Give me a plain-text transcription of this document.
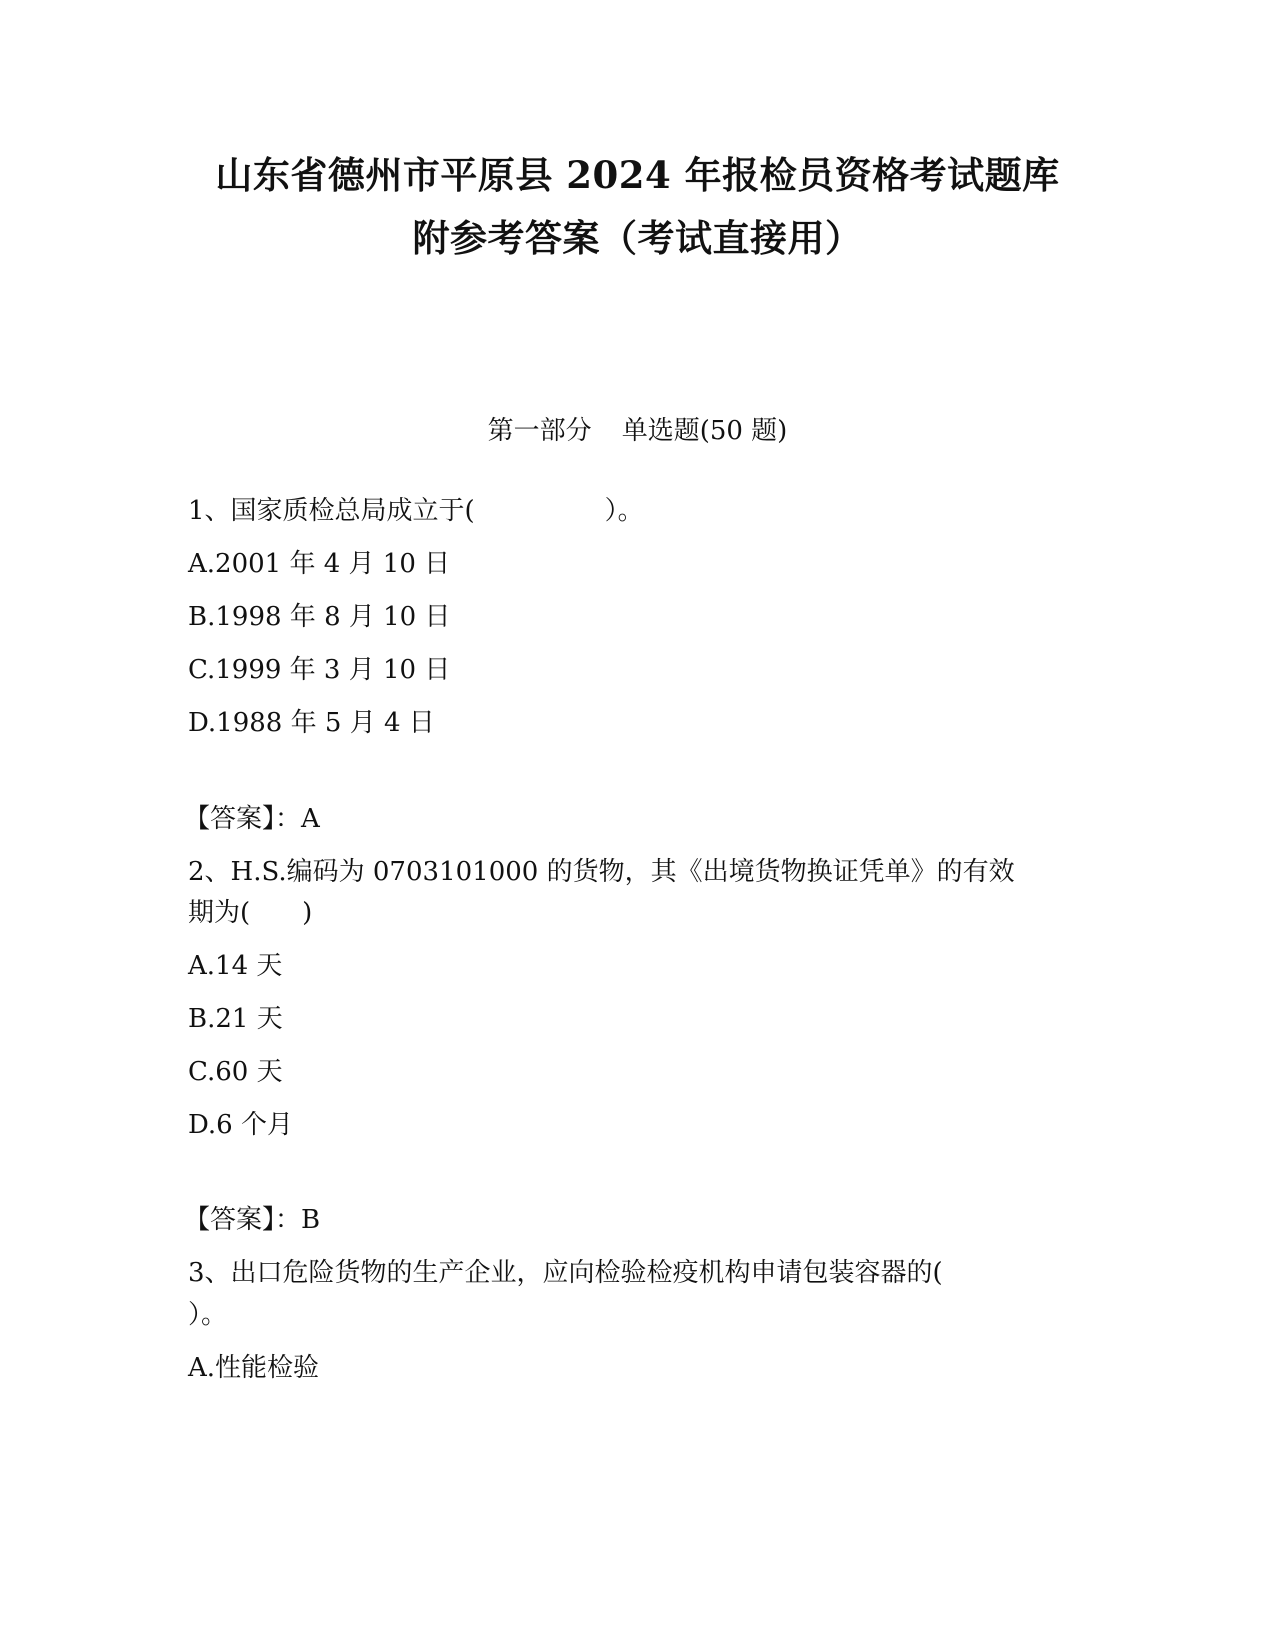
山东省德州市平原县 2024 年报检员资格考试题库
附参考答案（考试直接用）
第一部分 单选题(50 题)
1、国家质检总局成立于(　　　　　）。
A.2001 年 4 月 10 日
B.1998 年 8 月 10 日
C.1999 年 3 月 10 日
D.1988 年 5 月 4 日
【答案】：A
2、H.S.编码为 0703101000 的货物，其《出境货物换证凭单》的有效
期为(　　)
A.14 天
B.21 天
C.60 天
D.6 个月
【答案】：B
3、出口危险货物的生产企业，应向检验检疫机构申请包装容器的(
）。
A.性能检验
